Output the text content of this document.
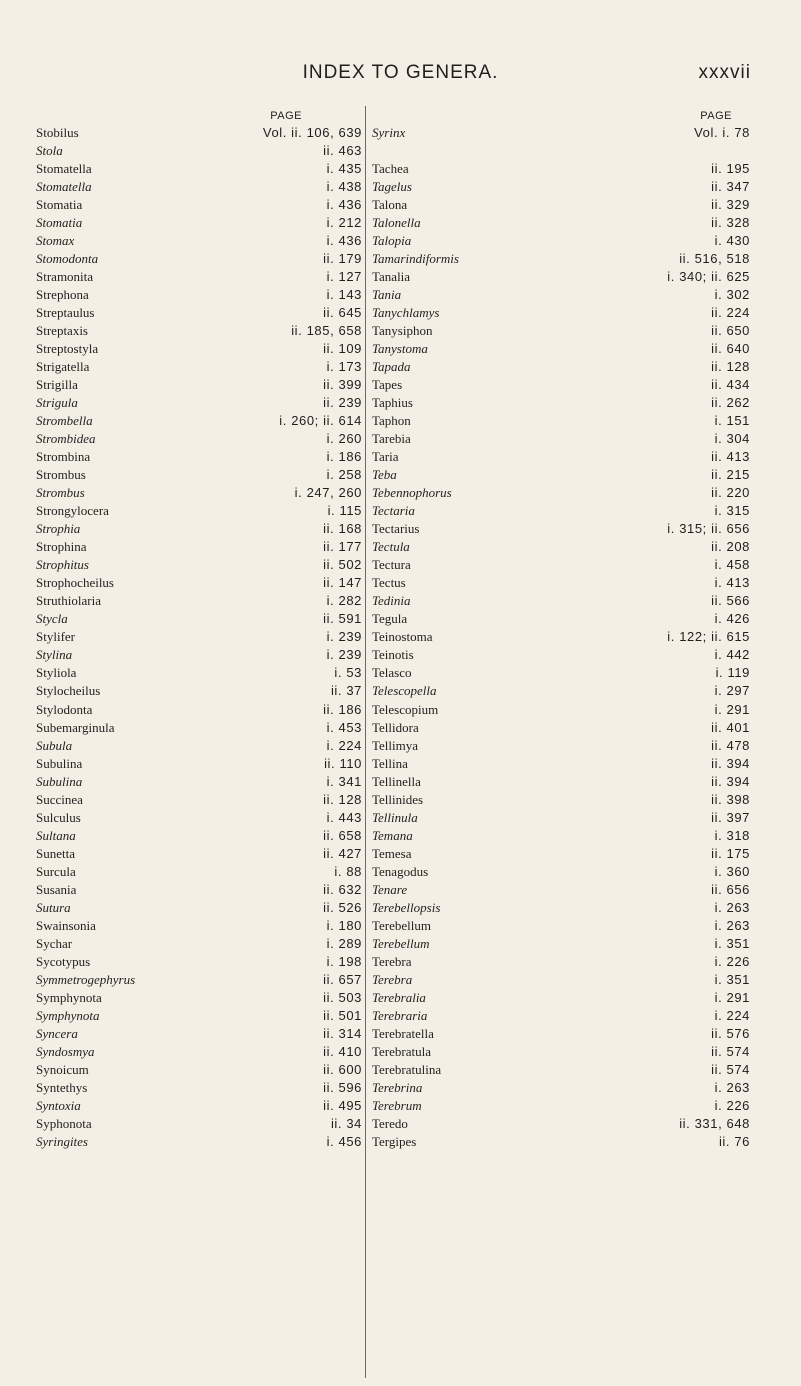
INDEX TO GENERA.	xxxvii
PAGE
Stobilus	Vol. ii. 106, 639
Stola	ii. 463
Stomatella	i. 435
Stomatella	i. 438
Stomatia	i. 436
Stomatia	i. 212
Stomax	i. 436
Stomodonta	ii. 179
Stramonita	i. 127
Strephona	i. 143
Streptaulus	ii. 645
Streptaxis	ii. 185, 658
Streptostyla	ii. 109
Strigatella	i. 173
Strigilla	ii. 399
Strigula	ii. 239
Strombella	i. 260; ii. 614
Strombidea	i. 260
Strombina	i. 186
Strombus	i. 258
Strombus	i. 247, 260
Strongylocera	i. 115
Strophia	ii. 168
Strophina	ii. 177
Strophitus	ii. 502
Strophocheilus	ii. 147
Struthiolaria	i. 282
Stycla	ii. 591
Stylifer	i. 239
Stylina	i. 239
Styliola	i. 53
Stylocheilus	ii. 37
Stylodonta	ii. 186
Subemarginula	i. 453
Subula	i. 224
Subulina	ii. 110
Subulina	i. 341
Succinea	ii. 128
Sulculus	i. 443
Sultana	ii. 658
Sunetta	ii. 427
Surcula	i. 88
Susania	ii. 632
Sutura	ii. 526
Swainsonia	i. 180
Sychar	i. 289
Sycotypus	i. 198
Symmetrogephyrus	ii. 657
Symphynota	ii. 503
Symphynota	ii. 501
Syncera	ii. 314
Syndosmya	ii. 410
Synoicum	ii. 600
Syntethys	ii. 596
Syntoxia	ii. 495
Syphonota	ii. 34
Syringites	i. 456
PAGE
Syrinx	Vol. i. 78
Tachea	ii. 195
Tagelus	ii. 347
Talona	ii. 329
Talonella	ii. 328
Talopia	i. 430
Tamarindiformis	ii. 516, 518
Tanalia	i. 340; ii. 625
Tania	i. 302
Tanychlamys	ii. 224
Tanysiphon	ii. 650
Tanystoma	ii. 640
Tapada	ii. 128
Tapes	ii. 434
Taphius	ii. 262
Taphon	i. 151
Tarebia	i. 304
Taria	ii. 413
Teba	ii. 215
Tebennophorus	ii. 220
Tectaria	i. 315
Tectarius	i. 315; ii. 656
Tectula	ii. 208
Tectura	i. 458
Tectus	i. 413
Tedinia	ii. 566
Tegula	i. 426
Teinostoma	i. 122; ii. 615
Teinotis	i. 442
Telasco	i. 119
Telescopella	i. 297
Telescopium	i. 291
Tellidora	ii. 401
Tellimya	ii. 478
Tellina	ii. 394
Tellinella	ii. 394
Tellinides	ii. 398
Tellinula	ii. 397
Temana	i. 318
Temesa	ii. 175
Tenagodus	i. 360
Tenare	ii. 656
Terebellopsis	i. 263
Terebellum	i. 263
Terebellum	i. 351
Terebra	i. 226
Terebra	i. 351
Terebralia	i. 291
Terebraria	i. 224
Terebratella	ii. 576
Terebratula	ii. 574
Terebratulina	ii. 574
Terebrina	i. 263
Terebrum	i. 226
Teredo	ii. 331, 648
Tergipes	ii. 76
